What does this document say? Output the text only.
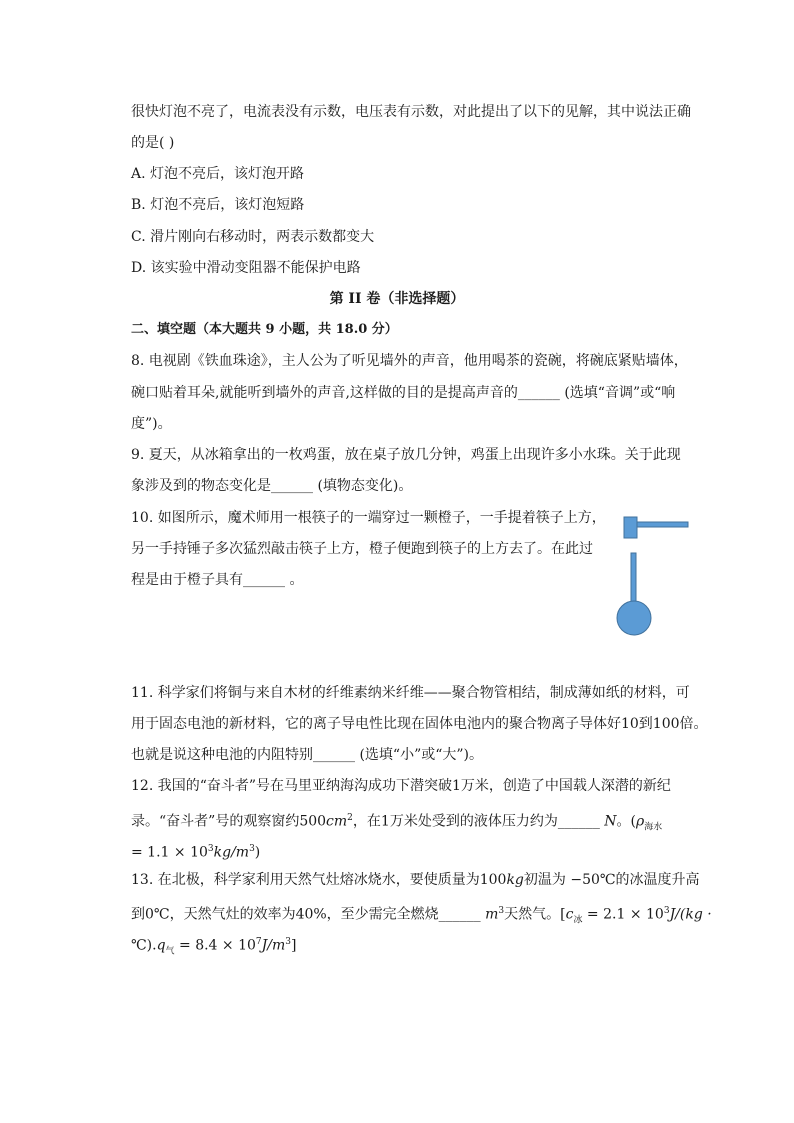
很快灯泡不亮了，电流表没有示数，电压表有示数，对此提出了以下的见解，其中说法正确
的是( )
A. 灯泡不亮后，该灯泡开路
B. 灯泡不亮后，该灯泡短路
C. 滑片刚向右移动时，两表示数都变大
D. 该实验中滑动变阻器不能保护电路
第 II 卷（非选择题）
二、填空题（本大题共 9 小题，共 18.0 分）
8. 电视剧《铁血珠途》，主人公为了听见墙外的声音，他用喝茶的瓷碗，将碗底紧贴墙体，
碗口贴着耳朵,就能听到墙外的声音,这样做的目的是提高声音的______ (选填“音调”或“响
度”)。
9. 夏天，从冰箱拿出的一枚鸡蛋，放在桌子放几分钟，鸡蛋上出现许多小水珠。关于此现
象涉及到的物态变化是______ (填物态变化)。
10. 如图所示，魔术师用一根筷子的一端穿过一颗橙子，一手提着筷子上方，
另一手持锤子多次猛烈敲击筷子上方，橙子便跑到筷子的上方去了。在此过
程是由于橙子具有______ 。
11. 科学家们将铜与来自木材的纤维素纳米纤维——聚合物管相结，制成薄如纸的材料，可
用于固态电池的新材料，它的离子导电性比现在固体电池内的聚合物离子导体好10到100倍。
也就是说这种电池的内阻特别______ (选填“小”或“大”)。
12. 我国的“奋斗者”号在马里亚纳海沟成功下潜突破1万米，创造了中国载人深潜的新纪
录。“奋斗者”号的观察窗约$500cm^2$，在1万米处受到的液体压力约为______ N。($\rho_{海水}$
= $1.1 \times 10^3kg/m^3$)
13. 在北极，科学家利用天然气灶熔冰烧水，要使质量为100kg初温为 −50℃的冰温度升高
到0℃，天然气灶的效率为40%，至少需完全燃烧______ $m^3$天然气。[$c_冰 = 2.1 \times 10^3J/(kg$ ·
$℃).q_气 = 8.4 \times 10^7J/m^3$]
